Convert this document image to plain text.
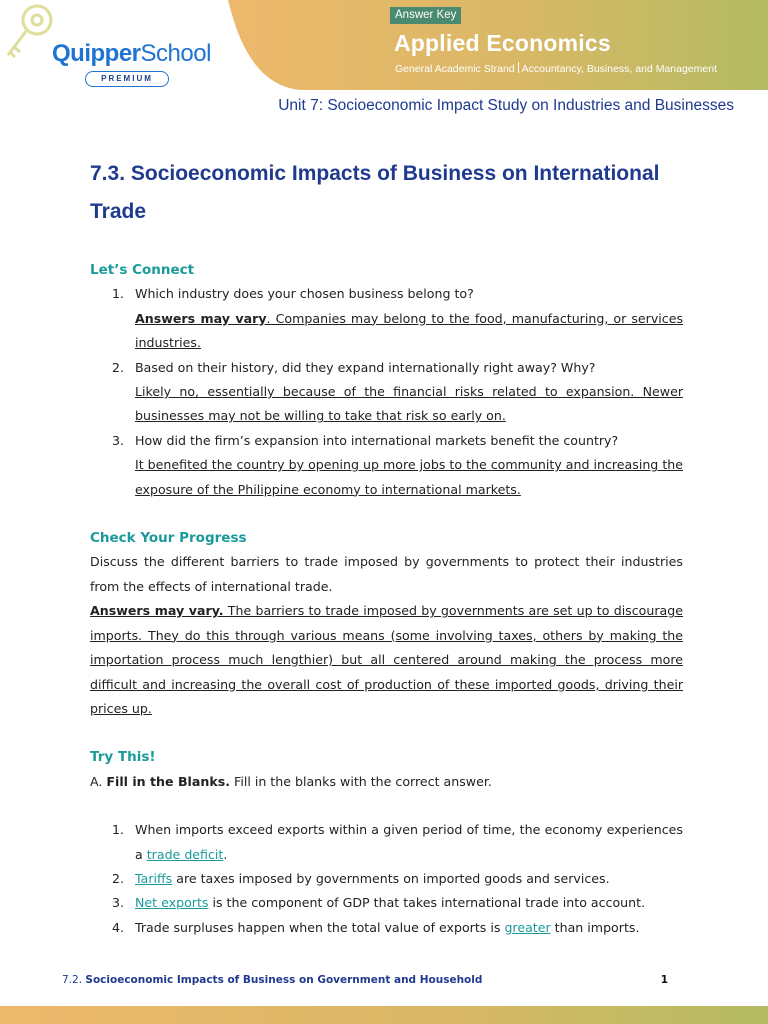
QuipperSchool
PREMIUM
Answer Key
Applied Economics
General Academic Strand Accountancy, Business, and Management
Unit 7: Socioeconomic Impact Study on Industries and Businesses
7.3. Socioeconomic Impacts of Business on International Trade
Let’s Connect
1. Which industry does your chosen business belong to?
Answers may vary. Companies may belong to the food, manufacturing, or services industries.
2. Based on their history, did they expand internationally right away? Why?
Likely no, essentially because of the financial risks related to expansion. Newer businesses may not be willing to take that risk so early on.
3. How did the firm’s expansion into international markets benefit the country?
It benefited the country by opening up more jobs to the community and increasing the exposure of the Philippine economy to international markets.
Check Your Progress
Discuss the different barriers to trade imposed by governments to protect their industries from the effects of international trade.
Answers may vary. The barriers to trade imposed by governments are set up to discourage imports. They do this through various means (some involving taxes, others by making the importation process much lengthier) but all centered around making the process more difficult and increasing the overall cost of production of these imported goods, driving their prices up.
Try This!
A. Fill in the Blanks. Fill in the blanks with the correct answer.
1. When imports exceed exports within a given period of time, the economy experiences a trade deficit.
2. Tariffs are taxes imposed by governments on imported goods and services.
3. Net exports is the component of GDP that takes international trade into account.
4. Trade surpluses happen when the total value of exports is greater than imports.
7.2. Socioeconomic Impacts of Business on Government and Household	1
